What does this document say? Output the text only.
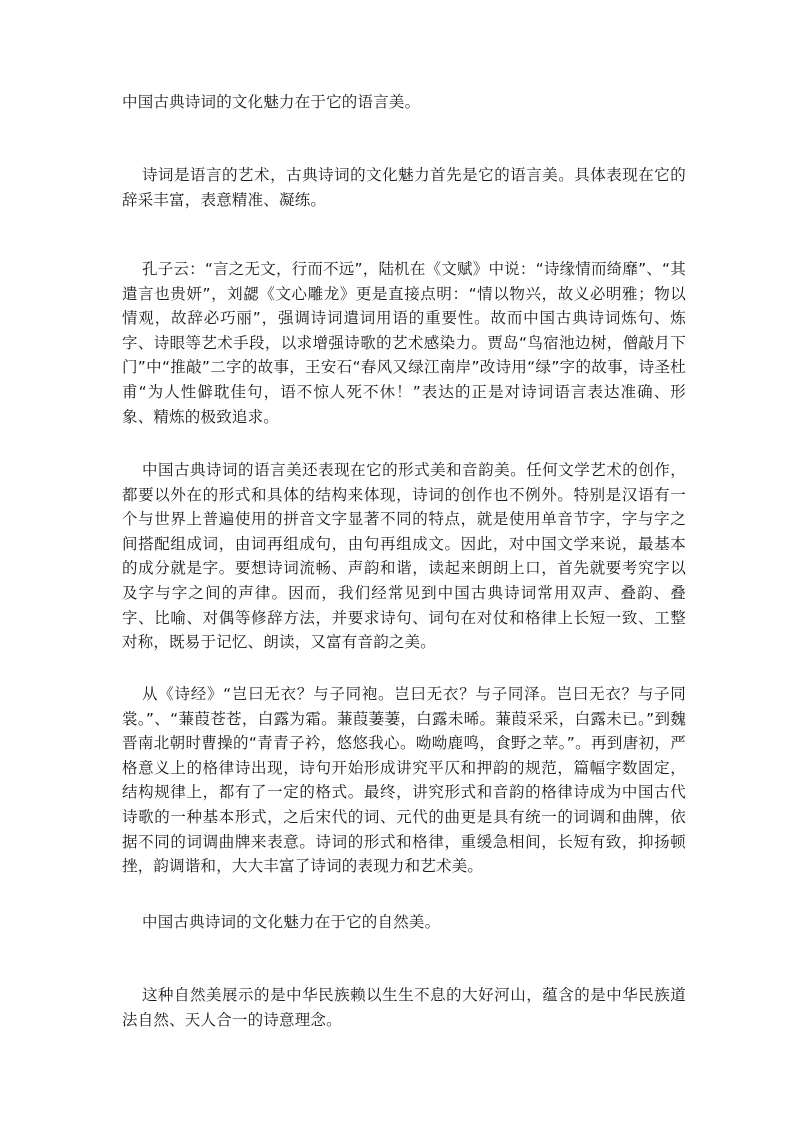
中国古典诗词的文化魅力在于它的语言美。

诗词是语言的艺术，古典诗词的文化魅力首先是它的语言美。具体表现在它的辞采丰富，表意精准、凝练。

孔子云：“言之无文，行而不远”，陆机在《文赋》中说：“诗缘情而绮靡”、“其遣言也贵妍”，刘勰《文心雕龙》更是直接点明：“情以物兴，故义必明雅；物以情观，故辞必巧丽”，强调诗词遣词用语的重要性。故而中国古典诗词炼句、炼字、诗眼等艺术手段，以求增强诗歌的艺术感染力。贾岛“鸟宿池边树，僧敲月下门”中“推敲”二字的故事，王安石“春风又绿江南岸”改诗用“绿”字的故事，诗圣杜甫“为人性僻耽佳句，语不惊人死不休！”表达的正是对诗词语言表达准确、形象、精炼的极致追求。

中国古典诗词的语言美还表现在它的形式美和音韵美。任何文学艺术的创作，都要以外在的形式和具体的结构来体现，诗词的创作也不例外。特别是汉语有一个与世界上普遍使用的拼音文字显著不同的特点，就是使用单音节字，字与字之间搭配组成词，由词再组成句，由句再组成文。因此，对中国文学来说，最基本的成分就是字。要想诗词流畅、声韵和谐，读起来朗朗上口，首先就要考究字以及字与字之间的声律。因而，我们经常见到中国古典诗词常用双声、叠韵、叠字、比喻、对偶等修辞方法，并要求诗句、词句在对仗和格律上长短一致、工整对称，既易于记忆、朗读，又富有音韵之美。

从《诗经》“岂曰无衣？与子同袍。岂曰无衣？与子同泽。岂曰无衣？与子同裳。”、“蒹葭苍苍，白露为霜。蒹葭萋萋，白露未晞。蒹葭采采，白露未已。”到魏晋南北朝时曹操的“青青子衿，悠悠我心。呦呦鹿鸣，食野之苹。”。再到唐初，严格意义上的格律诗出现，诗句开始形成讲究平仄和押韵的规范，篇幅字数固定，结构规律上，都有了一定的格式。最终，讲究形式和音韵的格律诗成为中国古代诗歌的一种基本形式，之后宋代的词、元代的曲更是具有统一的词调和曲牌，依据不同的词调曲牌来表意。诗词的形式和格律，重缓急相间，长短有致，抑扬顿挫，韵调谐和，大大丰富了诗词的表现力和艺术美。

中国古典诗词的文化魅力在于它的自然美。

这种自然美展示的是中华民族赖以生生不息的大好河山，蕴含的是中华民族道法自然、天人合一的诗意理念。
